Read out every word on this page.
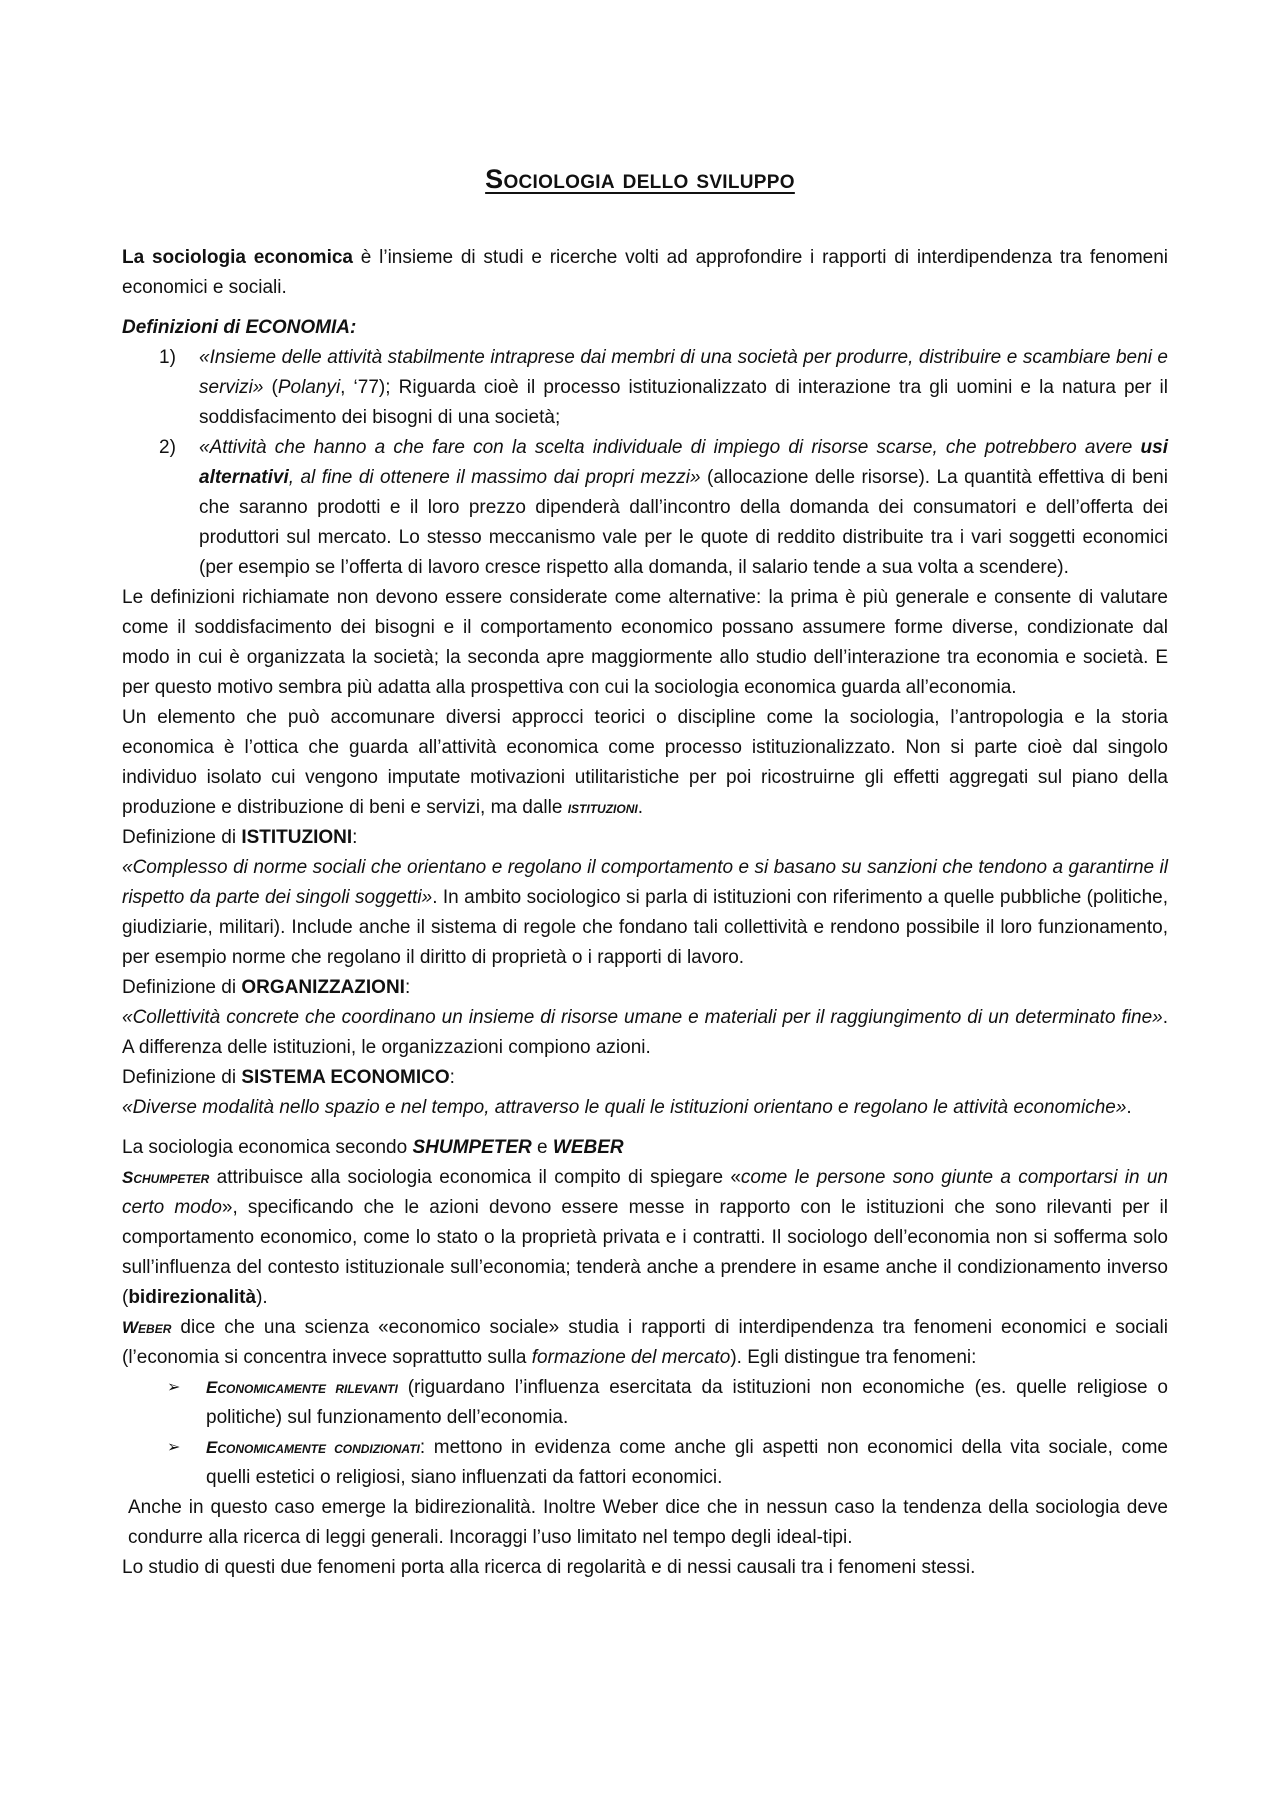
Sociologia dello sviluppo

La sociologia economica è l’insieme di studi e ricerche volti ad approfondire i rapporti di interdipendenza tra fenomeni economici e sociali.

Definizioni di ECONOMIA:

1) «Insieme delle attività stabilmente intraprese dai membri di una società per produrre, distribuire e scambiare beni e servizi» (Polanyi, ‘77); Riguarda cioè il processo istituzionalizzato di interazione tra gli uomini e la natura per il soddisfacimento dei bisogni di una società;
2) «Attività che hanno a che fare con la scelta individuale di impiego di risorse scarse, che potrebbero avere usi alternativi, al fine di ottenere il massimo dai propri mezzi» (allocazione delle risorse). La quantità effettiva di beni che saranno prodotti e il loro prezzo dipenderà dall’incontro della domanda dei consumatori e dell’offerta dei produttori sul mercato. Lo stesso meccanismo vale per le quote di reddito distribuite tra i vari soggetti economici (per esempio se l’offerta di lavoro cresce rispetto alla domanda, il salario tende a sua volta a scendere).

Le definizioni richiamate non devono essere considerate come alternative: la prima è più generale e consente di valutare come il soddisfacimento dei bisogni e il comportamento economico possano assumere forme diverse, condizionate dal modo in cui è organizzata la società; la seconda apre maggiormente allo studio dell’interazione tra economia e società. E per questo motivo sembra più adatta alla prospettiva con cui la sociologia economica guarda all’economia.

Un elemento che può accomunare diversi approcci teorici o discipline come la sociologia, l’antropologia e la storia economica è l’ottica che guarda all’attività economica come processo istituzionalizzato. Non si parte cioè dal singolo individuo isolato cui vengono imputate motivazioni utilitaristiche per poi ricostruirne gli effetti aggregati sul piano della produzione e distribuzione di beni e servizi, ma dalle istituzioni.

Definizione di ISTITUZIONI:

«Complesso di norme sociali che orientano e regolano il comportamento e si basano su sanzioni che tendono a garantirne il rispetto da parte dei singoli soggetti». In ambito sociologico si parla di istituzioni con riferimento a quelle pubbliche (politiche, giudiziarie, militari). Include anche il sistema di regole che fondano tali collettività e rendono possibile il loro funzionamento, per esempio norme che regolano il diritto di proprietà o i rapporti di lavoro.

Definizione di ORGANIZZAZIONI:

«Collettività concrete che coordinano un insieme di risorse umane e materiali per il raggiungimento di un determinato fine». A differenza delle istituzioni, le organizzazioni compiono azioni.

Definizione di SISTEMA ECONOMICO:

«Diverse modalità nello spazio e nel tempo, attraverso le quali le istituzioni orientano e regolano le attività economiche».

La sociologia economica secondo SHUMPETER e WEBER

Schumpeter attribuisce alla sociologia economica il compito di spiegare «come le persone sono giunte a comportarsi in un certo modo», specificando che le azioni devono essere messe in rapporto con le istituzioni che sono rilevanti per il comportamento economico, come lo stato o la proprietà privata e i contratti. Il sociologo dell’economia non si sofferma solo sull’influenza del contesto istituzionale sull’economia; tenderà anche a prendere in esame anche il condizionamento inverso (bidirezionalità).

Weber dice che una scienza «economico sociale» studia i rapporti di interdipendenza tra fenomeni economici e sociali (l’economia si concentra invece soprattutto sulla formazione del mercato). Egli distingue tra fenomeni:

➢ Economicamente rilevanti (riguardano l’influenza esercitata da istituzioni non economiche (es. quelle religiose o politiche) sul funzionamento dell’economia.
➢ Economicamente condizionati: mettono in evidenza come anche gli aspetti non economici della vita sociale, come quelli estetici o religiosi, siano influenzati da fattori economici.

Anche in questo caso emerge la bidirezionalità. Inoltre Weber dice che in nessun caso la tendenza della sociologia deve condurre alla ricerca di leggi generali. Incoraggi l’uso limitato nel tempo degli ideal-tipi.

Lo studio di questi due fenomeni porta alla ricerca di regolarità e di nessi causali tra i fenomeni stessi.
